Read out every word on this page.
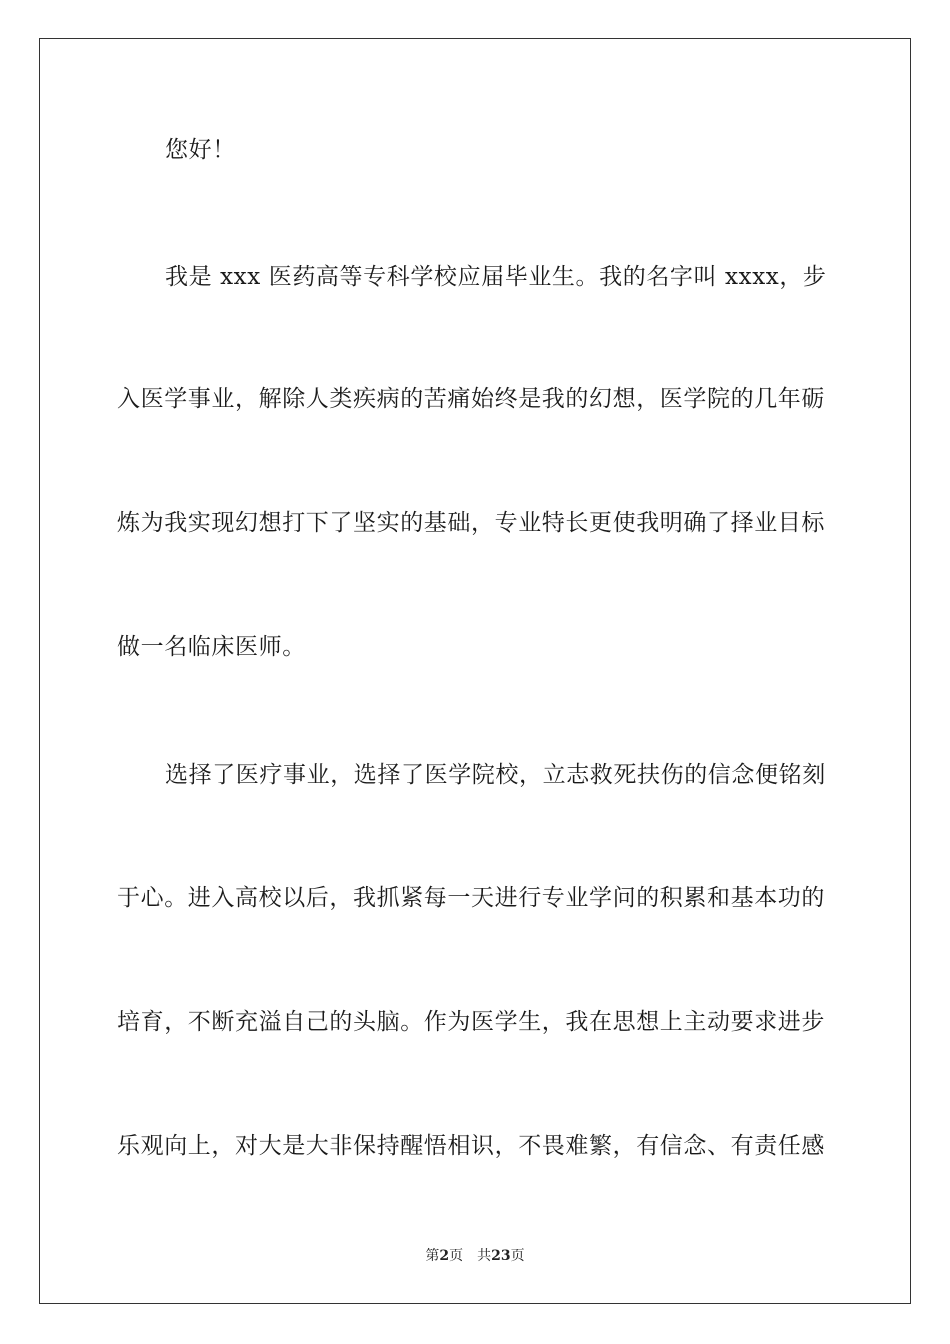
您好！
我是 xxx 医药高等专科学校应届毕业生。我的名字叫 xxxx，步
入医学事业，解除人类疾病的苦痛始终是我的幻想，医学院的几年砺
炼为我实现幻想打下了坚实的基础，专业特长更使我明确了择业目标
做一名临床医师。
选择了医疗事业，选择了医学院校，立志救死扶伤的信念便铭刻
于心。进入高校以后，我抓紧每一天进行专业学问的积累和基本功的
培育，不断充溢自己的头脑。作为医学生，我在思想上主动要求进步
乐观向上，对大是大非保持醒悟相识，不畏难繁，有信念、有责任感
第2页 共23页
